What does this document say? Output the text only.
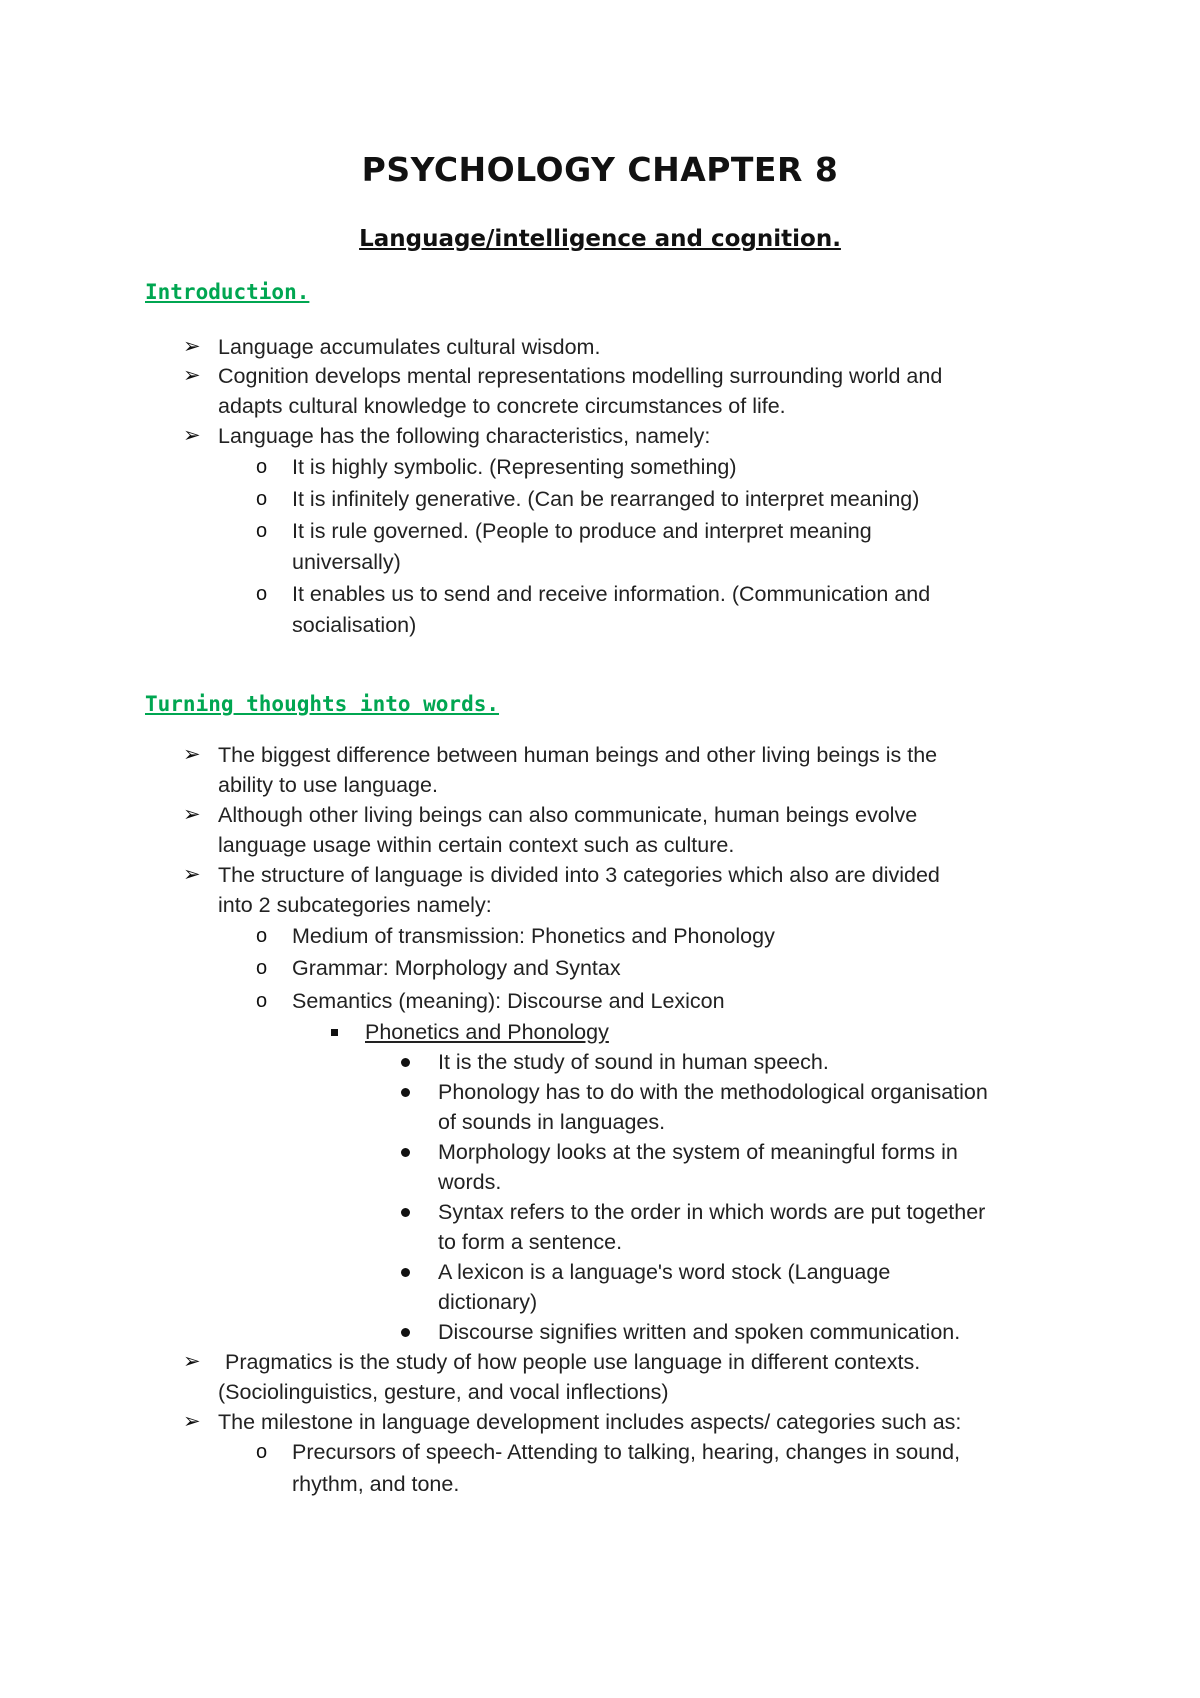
PSYCHOLOGY CHAPTER 8
Language/intelligence and cognition.
Introduction.
➢ Language accumulates cultural wisdom.
➢ Cognition develops mental representations modelling surrounding world and
adapts cultural knowledge to concrete circumstances of life.
➢ Language has the following characteristics, namely:
o It is highly symbolic. (Representing something)
o It is infinitely generative. (Can be rearranged to interpret meaning)
o It is rule governed. (People to produce and interpret meaning
universally)
o It enables us to send and receive information. (Communication and
socialisation)
Turning thoughts into words.
➢ The biggest difference between human beings and other living beings is the
ability to use language.
➢ Although other living beings can also communicate, human beings evolve
language usage within certain context such as culture.
➢ The structure of language is divided into 3 categories which also are divided
into 2 subcategories namely:
o Medium of transmission: Phonetics and Phonology
o Grammar: Morphology and Syntax
o Semantics (meaning): Discourse and Lexicon
Phonetics and Phonology
It is the study of sound in human speech.
Phonology has to do with the methodological organisation
of sounds in languages.
Morphology looks at the system of meaningful forms in
words.
Syntax refers to the order in which words are put together
to form a sentence.
A lexicon is a language's word stock (Language
dictionary)
Discourse signifies written and spoken communication.
➢ Pragmatics is the study of how people use language in different contexts.
(Sociolinguistics, gesture, and vocal inflections)
➢ The milestone in language development includes aspects/ categories such as:
o Precursors of speech- Attending to talking, hearing, changes in sound,
rhythm, and tone.
